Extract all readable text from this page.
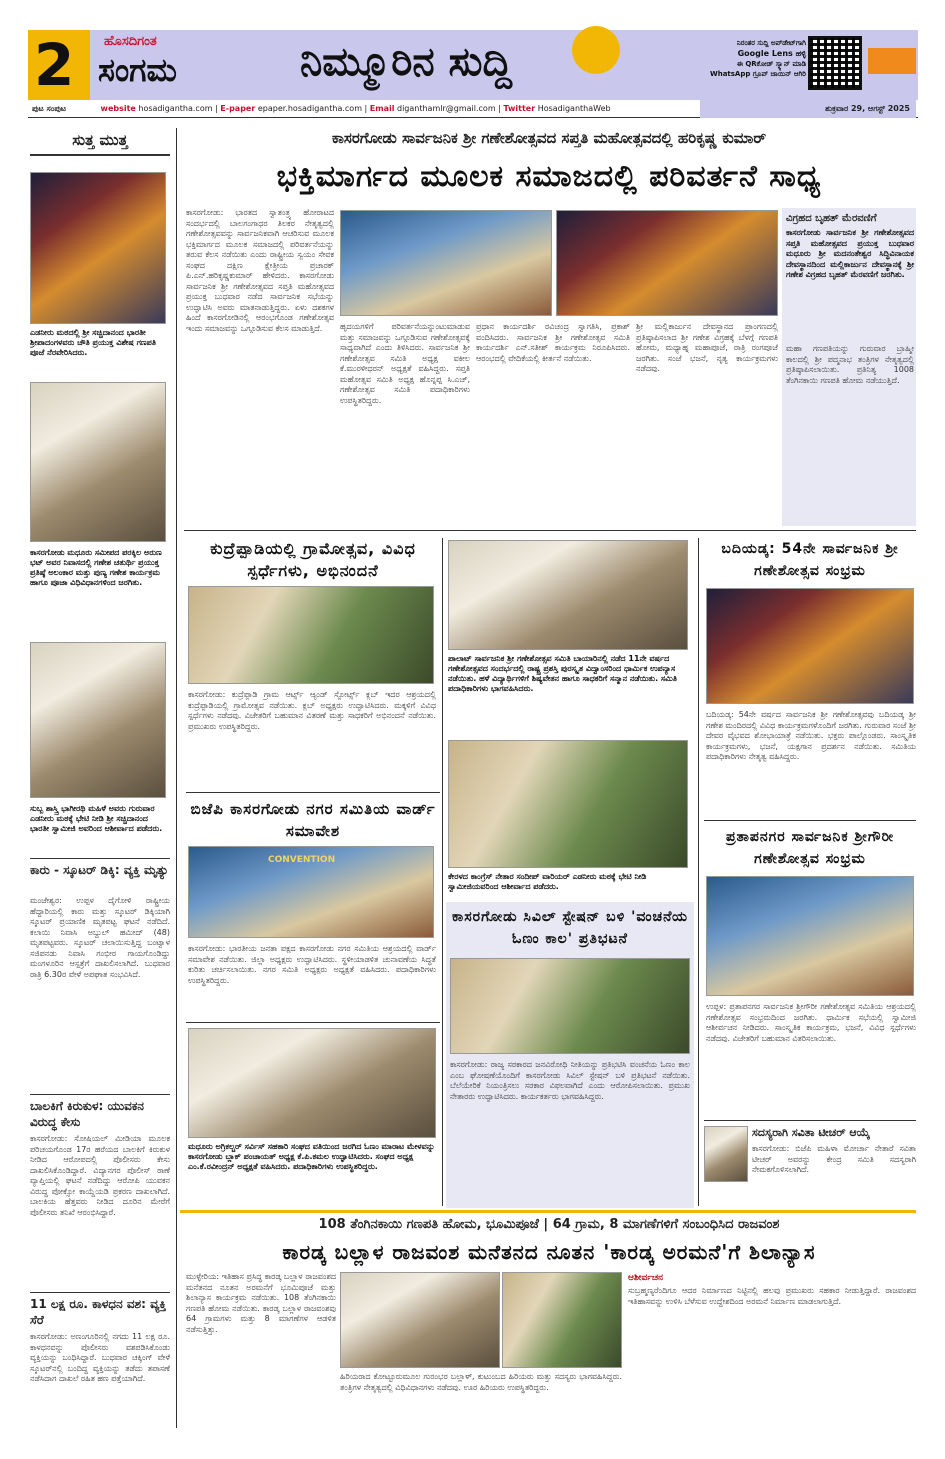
2 ಹೊಸದಿಗಂತ
ಸಂಗಮ	ನಿಮ್ಮೂರಿನ ಸುದ್ದಿ	ನಿರಂತರ ಸುದ್ದಿ ಅಪ್‌ಡೇಟ್‌ಗಾಗಿ
Google Lens ಹಳ್ಳಿ
ಈ QRಕೋಡ್ ಸ್ಕ್ಯಾನ್ ಮಾಡಿ
WhatsApp ಗ್ರೂಪ್ ಜಾಯಿನ್ ಆಗಿರಿ
ಪುಟ ಸಂಪುಟ	website hosadigantha.com | E-paper epaper.hosadigantha.com | Email diganthamlr@gmail.com | Twitter HosadiganthaWeb	ಶುಕ್ರವಾರ 29, ಆಗಸ್ಟ್ 2025
ಸುತ್ತ ಮುತ್ತ
ಎಡನೀರು ಮಠದಲ್ಲಿ ಶ್ರೀ ಸಚ್ಚಿದಾನಂದ ಭಾರತೀ ಶ್ರೀಪಾದಂಗಳವರು ಚೌತಿ ಪ್ರಯುಕ್ತ ವಿಶೇಷ ಗಣಪತಿ ಪೂಜೆ ನೆರವೇರಿಸಿದರು.
ಕಾಸರಗೋಡು ಮಧೂರು ಸಮೀಪದ ಪರಕ್ಕಿಲ ಅರುಣ ಭಟ್ ಅವರ ನಿವಾಸದಲ್ಲಿ ಗಣೇಶ ಚತುರ್ಥಿ ಪ್ರಯುಕ್ತ ಪ್ರತಿಷ್ಠೆ ಅಲಂಕಾರ ಮತ್ತು ಪುಣ್ಯ ಗಣೇಶ ಕಾರ್ಯಕ್ರಮ ಹಾಗೂ ಪೂಜಾ ವಿಧಿವಿಧಾನಗಳಿಂದ ಜರಗಿತು.
ಸುಬ್ಬ ಶಾಸ್ತ್ರಿ ಭಾಗೀರಥಿ ಮಹಿಳೆ ಅವರು ಗುರುವಾರ ಎಡನೀರು ಮಠಕ್ಕೆ ಭೇಟಿ ನೀಡಿ ಶ್ರೀ ಸಚ್ಚಿದಾನಂದ ಭಾರತೀ ಸ್ವಾಮೀಜಿ ಅವರಿಂದ ಆಶೀರ್ವಾದ ಪಡೆದರು.
ಕಾರು - ಸ್ಕೂಟರ್ ಡಿಕ್ಕಿ: ವ್ಯಕ್ತಿ ಮೃತ್ಯು
ಮಂಜೇಶ್ವರ: ಉಪ್ಪಳ ದೈಗೋಳಿ ರಾಷ್ಟ್ರೀಯ ಹೆದ್ದಾರಿಯಲ್ಲಿ ಕಾರು ಮತ್ತು ಸ್ಕೂಟರ್ ಡಿಕ್ಕಿಯಾಗಿ ಸ್ಕೂಟರ್ ಪ್ರಯಾಣಿಕ ಮೃತಪಟ್ಟ ಘಟನೆ ನಡೆದಿದೆ. ಕಲಾಯಿ ನಿವಾಸಿ ಅಬ್ದುಲ್ ಹಮೀದ್ (48) ಮೃತಪಟ್ಟವರು. ಸ್ಕೂಟರ್ ಚಲಾಯಿಸುತ್ತಿದ್ದ ಬಂಟ್ವಾಳ ಸಜಿಪನಡು ನಿವಾಸಿ ಗಂಭೀರ ಗಾಯಗೊಂಡಿದ್ದು ಮಂಗಳೂರಿನ ಆಸ್ಪತ್ರೆಗೆ ದಾಖಲಿಸಲಾಗಿದೆ. ಬುಧವಾರ ರಾತ್ರಿ 6.30ರ ವೇಳೆ ಅಪಘಾತ ಸಂಭವಿಸಿದೆ.
ಬಾಲಕಿಗೆ ಕಿರುಕುಳ: ಯುವಕನ ವಿರುದ್ಧ ಕೇಸು
ಕಾಸರಗೋಡು: ಸೋಷಿಯಲ್ ಮೀಡಿಯಾ ಮೂಲಕ ಪರಿಚಯಗೊಂಡ 17ರ ಹರೆಯದ ಬಾಲಕಿಗೆ ಕಿರುಕುಳ ನೀಡಿದ ಆರೋಪದಲ್ಲಿ ಪೊಲೀಸರು ಕೇಸು ದಾಖಲಿಸಿಕೊಂಡಿದ್ದಾರೆ. ವಿದ್ಯಾನಗರ ಪೊಲೀಸ್ ಠಾಣೆ ವ್ಯಾಪ್ತಿಯಲ್ಲಿ ಘಟನೆ ನಡೆದಿದ್ದು ಆರೋಪಿ ಯುವಕನ ವಿರುದ್ಧ ಪೋಕ್ಸೋ ಕಾಯ್ದೆಯಡಿ ಪ್ರಕರಣ ದಾಖಲಾಗಿದೆ. ಬಾಲಕಿಯ ಹೆತ್ತವರು ನೀಡಿದ ದೂರಿನ ಮೇರೆಗೆ ಪೊಲೀಸರು ತನಿಖೆ ಆರಂಭಿಸಿದ್ದಾರೆ.
11 ಲಕ್ಷ ರೂ. ಕಾಳಧನ ವಶ: ವ್ಯಕ್ತಿ ಸೆರೆ
ಕಾಸರಗೋಡು: ಅಣಂಗೂರಿನಲ್ಲಿ ನಗದು 11 ಲಕ್ಷ ರೂ. ಕಾಳಧನವನ್ನು ಪೊಲೀಸರು ವಶಪಡಿಸಿಕೊಂಡು ವ್ಯಕ್ತಿಯನ್ನು ಬಂಧಿಸಿದ್ದಾರೆ. ಬುಧವಾರ ಚಕ್ಕಿಂಗ್ ವೇಳೆ ಸ್ಕೂಟರ್‌ನಲ್ಲಿ ಬಂದಿದ್ದ ವ್ಯಕ್ತಿಯನ್ನು ತಡೆದು ತಪಾಸಣೆ ನಡೆಸಿದಾಗ ದಾಖಲೆ ರಹಿತ ಹಣ ಪತ್ತೆಯಾಗಿದೆ.
ಕಾಸರಗೋಡು ಸಾರ್ವಜನಿಕ ಶ್ರೀ ಗಣೇಶೋತ್ಸವದ ಸಪ್ತತಿ ಮಹೋತ್ಸವದಲ್ಲಿ ಹರಿಕೃಷ್ಣ ಕುಮಾರ್
ಭಕ್ತಿಮಾರ್ಗದ ಮೂಲಕ ಸಮಾಜದಲ್ಲಿ ಪರಿವರ್ತನೆ ಸಾಧ್ಯ
ಕಾಸರಗೋಡು: ಭಾರತದ ಸ್ವಾತಂತ್ರ್ಯ ಹೋರಾಟದ ಸಂದರ್ಭದಲ್ಲಿ ಬಾಲಗಂಗಾಧರ ತಿಲಕರ ನೇತೃತ್ವದಲ್ಲಿ ಗಣೇಶೋತ್ಸವವನ್ನು ಸಾರ್ವಜನಿಕವಾಗಿ ಆಚರಿಸುವ ಮೂಲಕ ಭಕ್ತಿಮಾರ್ಗದ ಮೂಲಕ ಸಮಾಜದಲ್ಲಿ ಪರಿವರ್ತನೆಯನ್ನು ತರುವ ಕೆಲಸ ನಡೆಯಿತು ಎಂದು ರಾಷ್ಟ್ರೀಯ ಸ್ವಯಂ ಸೇವಕ ಸಂಘದ ದಕ್ಷಿಣ ಕ್ಷೇತ್ರೀಯ ಪ್ರಚಾರಕ್ ಪಿ.ಎನ್.ಹರಿಕೃಷ್ಣಕುಮಾರ್ ಹೇಳಿದರು. ಕಾಸರಗೋಡು ಸಾರ್ವಜನಿಕ ಶ್ರೀ ಗಣೇಶೋತ್ಸವದ ಸಪ್ತತಿ ಮಹೋತ್ಸವದ ಪ್ರಯುಕ್ತ ಬುಧವಾರ ನಡೆದ ಸಾರ್ವಜನಿಕ ಸಭೆಯನ್ನು ಉದ್ಘಾಟಿಸಿ ಅವರು ಮಾತನಾಡುತ್ತಿದ್ದರು. ಏಳು ದಶಕಗಳ ಹಿಂದೆ ಕಾಸರಗೋಡಿನಲ್ಲಿ ಆರಂಭಗೊಂಡ ಗಣೇಶೋತ್ಸವ ಇಂದು ಸಮಾಜವನ್ನು ಒಗ್ಗೂಡಿಸುವ ಕೆಲಸ ಮಾಡುತ್ತಿದೆ.	ಹೃದಯಗಳಿಗೆ ಪರಿವರ್ತನೆಯನ್ನುಂಟುಮಾಡುವ ಮತ್ತು ಸಮಾಜವನ್ನು ಒಗ್ಗೂಡಿಸುವ ಗಣೇಶೋತ್ಸವಕ್ಕೆ ಸಾಧ್ಯವಾಗಿದೆ ಎಂದು ತಿಳಿಸಿದರು. ಸಾರ್ವಜನಿಕ ಶ್ರೀ ಗಣೇಶೋತ್ಸವ ಸಮಿತಿ ಅಧ್ಯಕ್ಷ ವಕೀಲ ಕೆ.ಮುರಳೀಧರನ್ ಅಧ್ಯಕ್ಷತೆ ವಹಿಸಿದ್ದರು. ಸಪ್ತತಿ ಮಹೋತ್ಸವ ಸಮಿತಿ ಅಧ್ಯಕ್ಷ ಹೊನ್ನಪ್ಪ ಸಿ.ಎಚ್, ಗಣೇಶೋತ್ಸವ ಸಮಿತಿ ಪದಾಧಿಕಾರಿಗಳು ಉಪಸ್ಥಿತರಿದ್ದರು.
ಪ್ರಧಾನ ಕಾರ್ಯದರ್ಶಿ ರವಿಚಂದ್ರ ಸ್ವಾಗತಿಸಿ, ಪ್ರಕಾಶ್ ವಂದಿಸಿದರು. ಸಾರ್ವಜನಿಕ ಶ್ರೀ ಗಣೇಶೋತ್ಸವ ಸಮಿತಿ ಕಾರ್ಯದರ್ಶಿ ಎನ್.ಸತೀಶ್ ಕಾರ್ಯಕ್ರಮ ನಿರೂಪಿಸಿದರು. ಆರಂಭದಲ್ಲಿ ವೇದಿಕೆಯಲ್ಲಿ ಕೀರ್ತನೆ ನಡೆಯಿತು.
ಶ್ರೀ ಮಲ್ಲಿಕಾರ್ಜುನ ದೇವಸ್ಥಾನದ ಪ್ರಾಂಗಣದಲ್ಲಿ ಪ್ರತಿಷ್ಠಾಪಿಸಲಾದ ಶ್ರೀ ಗಣೇಶ ವಿಗ್ರಹಕ್ಕೆ ಬೆಳಗ್ಗೆ ಗಣಪತಿ ಹೋಮ, ಮಧ್ಯಾಹ್ನ ಮಹಾಪೂಜೆ, ರಾತ್ರಿ ರಂಗಪೂಜೆ ಜರಗಿತು. ಸಂಜೆ ಭಜನೆ, ನೃತ್ಯ ಕಾರ್ಯಕ್ರಮಗಳು ನಡೆದವು.
ವಿಗ್ರಹದ ಬೃಹತ್ ಮೆರವಣಿಗೆ
ಕಾಸರಗೋಡು ಸಾರ್ವಜನಿಕ ಶ್ರೀ ಗಣೇಶೋತ್ಸವದ ಸಪ್ತತಿ ಮಹೋತ್ಸವದ ಪ್ರಯುಕ್ತ ಬುಧವಾರ ಮಧೂರು ಶ್ರೀ ಮದನಂತೇಶ್ವರ ಸಿದ್ಧಿವಿನಾಯಕ ದೇವಸ್ಥಾನದಿಂದ ಮಲ್ಲಿಕಾರ್ಜುನ ದೇವಸ್ಥಾನಕ್ಕೆ ಶ್ರೀ ಗಣೇಶ ವಿಗ್ರಹದ ಬೃಹತ್ ಮೆರವಣಿಗೆ ಜರಗಿತು.
ಮಹಾ ಗಣಪತಿಯನ್ನು ಗುರುವಾರ ಬ್ರಾಹ್ಮೀ ಕಾಲದಲ್ಲಿ ಶ್ರೀ ಪದ್ಮನಾಭ ತಂತ್ರಿಗಳ ನೇತೃತ್ವದಲ್ಲಿ ಪ್ರತಿಷ್ಠಾಪಿಸಲಾಯಿತು. ಪ್ರತಿನಿತ್ಯ 1008 ತೆಂಗಿನಕಾಯಿ ಗಣಪತಿ ಹೋಮ ನಡೆಯುತ್ತಿದೆ.
ಕುದ್ರೆಪ್ಪಾಡಿಯಲ್ಲಿ ಗ್ರಾಮೋತ್ಸವ, ವಿವಿಧ ಸ್ಪರ್ಧೆಗಳು, ಅಭಿನಂದನೆ
ಕಾಸರಗೋಡು: ಕುದ್ರೆಪ್ಪಾಡಿ ಗ್ರಾಮ ಆರ್ಟ್ಸ್ ಆ್ಯಂಡ್ ಸ್ಪೋರ್ಟ್ಸ್ ಕ್ಲಬ್ ಇದರ ಆಶ್ರಯದಲ್ಲಿ ಕುದ್ರೆಪ್ಪಾಡಿಯಲ್ಲಿ ಗ್ರಾಮೋತ್ಸವ ನಡೆಯಿತು. ಕ್ಲಬ್ ಅಧ್ಯಕ್ಷರು ಉದ್ಘಾಟಿಸಿದರು. ಮಕ್ಕಳಿಗೆ ವಿವಿಧ ಸ್ಪರ್ಧೆಗಳು ನಡೆದವು. ವಿಜೇತರಿಗೆ ಬಹುಮಾನ ವಿತರಣೆ ಮತ್ತು ಸಾಧಕರಿಗೆ ಅಭಿನಂದನೆ ನಡೆಯಿತು. ಪ್ರಮುಖರು ಉಪಸ್ಥಿತರಿದ್ದರು.
ಬಿಜೆಪಿ ಕಾಸರಗೋಡು ನಗರ ಸಮಿತಿಯ ವಾರ್ಡ್ ಸಮಾವೇಶ
CONVENTION
ಕಾಸರಗೋಡು: ಭಾರತೀಯ ಜನತಾ ಪಕ್ಷದ ಕಾಸರಗೋಡು ನಗರ ಸಮಿತಿಯ ಆಶ್ರಯದಲ್ಲಿ ವಾರ್ಡ್ ಸಮಾವೇಶ ನಡೆಯಿತು. ಜಿಲ್ಲಾ ಅಧ್ಯಕ್ಷರು ಉದ್ಘಾಟಿಸಿದರು. ಸ್ಥಳೀಯಾಡಳಿತ ಚುನಾವಣೆಯ ಸಿದ್ಧತೆ ಕುರಿತು ಚರ್ಚಿಸಲಾಯಿತು. ನಗರ ಸಮಿತಿ ಅಧ್ಯಕ್ಷರು ಅಧ್ಯಕ್ಷತೆ ವಹಿಸಿದರು. ಪದಾಧಿಕಾರಿಗಳು ಉಪಸ್ಥಿತರಿದ್ದರು.
ಮಧೂರು ಅಗ್ರಿಕಲ್ಚರ್ ಸರ್ವಿಸ್ ಸಹಕಾರಿ ಸಂಘದ ವತಿಯಿಂದ ಜರಗಿದ ಓಣಂ ಮಾರಾಟ ಮೇಳವನ್ನು ಕಾಸರಗೋಡು ಬ್ಲಾಕ್ ಪಂಚಾಯತ್ ಅಧ್ಯಕ್ಷ ಕೆ.ಪಿ.ಕಮಲ ಉದ್ಘಾಟಿಸಿದರು. ಸಂಘದ ಅಧ್ಯಕ್ಷ ಎಂ.ಕೆ.ರವೀಂದ್ರನ್ ಅಧ್ಯಕ್ಷತೆ ವಹಿಸಿದರು. ಪದಾಧಿಕಾರಿಗಳು ಉಪಸ್ಥಿತರಿದ್ದರು.
ಪಾಲಾಟ್ ಸಾರ್ವಜನಿಕ ಶ್ರೀ ಗಣೇಶೋತ್ಸವ ಸಮಿತಿ ಬಾಯಾರಿನಲ್ಲಿ ನಡೆದ 11ನೇ ವರ್ಷದ ಗಣೇಶೋತ್ಸವದ ಸಂದರ್ಭದಲ್ಲಿ ರಾಷ್ಟ್ರ ಪ್ರಶಸ್ತಿ ಪುರಸ್ಕೃತ ವಿದ್ವಾಂಸರಿಂದ ಧಾರ್ಮಿಕ ಉಪನ್ಯಾಸ ನಡೆಯಿತು. ಹಳೆ ವಿದ್ಯಾರ್ಥಿಗಳಿಗೆ ಶಿಷ್ಯವೇತನ ಹಾಗೂ ಸಾಧಕರಿಗೆ ಸನ್ಮಾನ ನಡೆಯಿತು. ಸಮಿತಿ ಪದಾಧಿಕಾರಿಗಳು ಭಾಗವಹಿಸಿದರು.
ಕೇರಳದ ಕಾಂಗ್ರೆಸ್ ನೇತಾರ ಸಂದೀಪ್ ವಾರಿಯರ್ ಎಡನೀರು ಮಠಕ್ಕೆ ಭೇಟಿ ನೀಡಿ ಸ್ವಾಮೀಜಿಯವರಿಂದ ಆಶೀರ್ವಾದ ಪಡೆದರು.
ಕಾಸರಗೋಡು ಸಿವಿಲ್ ಸ್ಟೇಷನ್ ಬಳಿ 'ವಂಚನೆಯ ಓಣಂ ಕಾಲ' ಪ್ರತಿಭಟನೆ
ಕಾಸರಗೋಡು: ರಾಜ್ಯ ಸರಕಾರದ ಜನವಿರೋಧಿ ನೀತಿಯನ್ನು ಪ್ರತಿಭಟಿಸಿ ವಂಚನೆಯ ಓಣಂ ಕಾಲ ಎಂಬ ಘೋಷಣೆಯೊಂದಿಗೆ ಕಾಸರಗೋಡು ಸಿವಿಲ್ ಸ್ಟೇಷನ್ ಬಳಿ ಪ್ರತಿಭಟನೆ ನಡೆಯಿತು. ಬೆಲೆಯೇರಿಕೆ ನಿಯಂತ್ರಿಸಲು ಸರಕಾರ ವಿಫಲವಾಗಿದೆ ಎಂದು ಆರೋಪಿಸಲಾಯಿತು. ಪ್ರಮುಖ ನೇತಾರರು ಉದ್ಘಾಟಿಸಿದರು. ಕಾರ್ಯಕರ್ತರು ಭಾಗವಹಿಸಿದ್ದರು.
ಬದಿಯಡ್ಕ: 54ನೇ ಸಾರ್ವಜನಿಕ ಶ್ರೀ ಗಣೇಶೋತ್ಸವ ಸಂಭ್ರಮ
ಬದಿಯಡ್ಕ: 54ನೇ ವರ್ಷದ ಸಾರ್ವಜನಿಕ ಶ್ರೀ ಗಣೇಶೋತ್ಸವವು ಬದಿಯಡ್ಕ ಶ್ರೀ ಗಣೇಶ ಮಂದಿರದಲ್ಲಿ ವಿವಿಧ ಕಾರ್ಯಕ್ರಮಗಳೊಂದಿಗೆ ಜರಗಿತು. ಗುರುವಾರ ಸಂಜೆ ಶ್ರೀ ದೇವರ ವೈಭವದ ಶೋಭಾಯಾತ್ರೆ ನಡೆಯಿತು. ಭಕ್ತರು ಪಾಲ್ಗೊಂಡರು. ಸಾಂಸ್ಕೃತಿಕ ಕಾರ್ಯಕ್ರಮಗಳು, ಭಜನೆ, ಯಕ್ಷಗಾನ ಪ್ರದರ್ಶನ ನಡೆಯಿತು. ಸಮಿತಿಯ ಪದಾಧಿಕಾರಿಗಳು ನೇತೃತ್ವ ವಹಿಸಿದ್ದರು.
ಪ್ರತಾಪನಗರ ಸಾರ್ವಜನಿಕ ಶ್ರೀಗೌರೀ ಗಣೇಶೋತ್ಸವ ಸಂಭ್ರಮ
ಉಪ್ಪಳ: ಪ್ರತಾಪನಗರ ಸಾರ್ವಜನಿಕ ಶ್ರೀಗೌರೀ ಗಣೇಶೋತ್ಸವ ಸಮಿತಿಯ ಆಶ್ರಯದಲ್ಲಿ ಗಣೇಶೋತ್ಸವ ಸಂಭ್ರಮದಿಂದ ಜರಗಿತು. ಧಾರ್ಮಿಕ ಸಭೆಯಲ್ಲಿ ಸ್ವಾಮೀಜಿ ಆಶೀರ್ವಚನ ನೀಡಿದರು. ಸಾಂಸ್ಕೃತಿಕ ಕಾರ್ಯಕ್ರಮ, ಭಜನೆ, ವಿವಿಧ ಸ್ಪರ್ಧೆಗಳು ನಡೆದವು. ವಿಜೇತರಿಗೆ ಬಹುಮಾನ ವಿತರಿಸಲಾಯಿತು.
ಸದಸ್ಯರಾಗಿ ಸವಿತಾ ಟೀಚರ್ ಆಯ್ಕೆ
ಕಾಸರಗೋಡು: ಬಿಜೆಪಿ ಮಹಿಳಾ ಮೋರ್ಚಾ ನೇತಾರೆ ಸವಿತಾ ಟೀಚರ್ ಅವರನ್ನು ಕೇಂದ್ರ ಸಮಿತಿ ಸದಸ್ಯರಾಗಿ ನೇಮಕಗೊಳಿಸಲಾಗಿದೆ.
108 ತೆಂಗಿನಕಾಯಿ ಗಣಪತಿ ಹೋಮ, ಭೂಮಿಪೂಜೆ | 64 ಗ್ರಾಮ, 8 ಮಾಗಣೆಗಳಿಗೆ ಸಂಬಂಧಿಸಿದ ರಾಜವಂಶ
ಕಾರಡ್ಕ ಬಲ್ಲಾಳ ರಾಜವಂಶ ಮನೆತನದ ನೂತನ 'ಕಾರಡ್ಕ ಅರಮನೆ'ಗೆ ಶಿಲಾನ್ಯಾಸ
ಮುಳ್ಳೇರಿಯ: ಇತಿಹಾಸ ಪ್ರಸಿದ್ಧ ಕಾರಡ್ಕ ಬಲ್ಲಾಳ ರಾಜವಂಶದ ಮನೆತನದ ನೂತನ ಅರಮನೆಗೆ ಭೂಮಿಪೂಜೆ ಮತ್ತು ಶಿಲಾನ್ಯಾಸ ಕಾರ್ಯಕ್ರಮ ನಡೆಯಿತು. 108 ತೆಂಗಿನಕಾಯಿ ಗಣಪತಿ ಹೋಮ ನಡೆಯಿತು. ಕಾರಡ್ಕ ಬಲ್ಲಾಳ ರಾಜವಂಶವು 64 ಗ್ರಾಮಗಳು ಮತ್ತು 8 ಮಾಗಣೆಗಳ ಆಡಳಿತ ನಡೆಸುತ್ತಿತ್ತು.
ಹಿರಿಯರಾದ ಕೋಟ್ಟೂರುಮೂಲ ಗುರಂಭರ ಬಲ್ಲಾಳ್, ಕುಟುಂಬದ ಹಿರಿಯರು ಮತ್ತು ಸದಸ್ಯರು ಭಾಗವಹಿಸಿದ್ದರು. ತಂತ್ರಿಗಳ ನೇತೃತ್ವದಲ್ಲಿ ವಿಧಿವಿಧಾನಗಳು ನಡೆದವು. ಊರ ಹಿರಿಯರು ಉಪಸ್ಥಿತರಿದ್ದರು.
ಆಶೀರ್ವಚನ
ಸುಬ್ರಹ್ಮಣ್ಯರೆಂದಿಗೂ ಆದರ ನಿರ್ಮಾಣದ ನಿಟ್ಟಿನಲ್ಲಿ ಹಲವು ಪ್ರಮುಖರು ಸಹಕಾರ ನೀಡುತ್ತಿದ್ದಾರೆ. ರಾಜವಂಶದ ಇತಿಹಾಸವನ್ನು ಉಳಿಸಿ ಬೆಳೆಸುವ ಉದ್ದೇಶದಿಂದ ಅರಮನೆ ನಿರ್ಮಾಣ ಮಾಡಲಾಗುತ್ತಿದೆ.
